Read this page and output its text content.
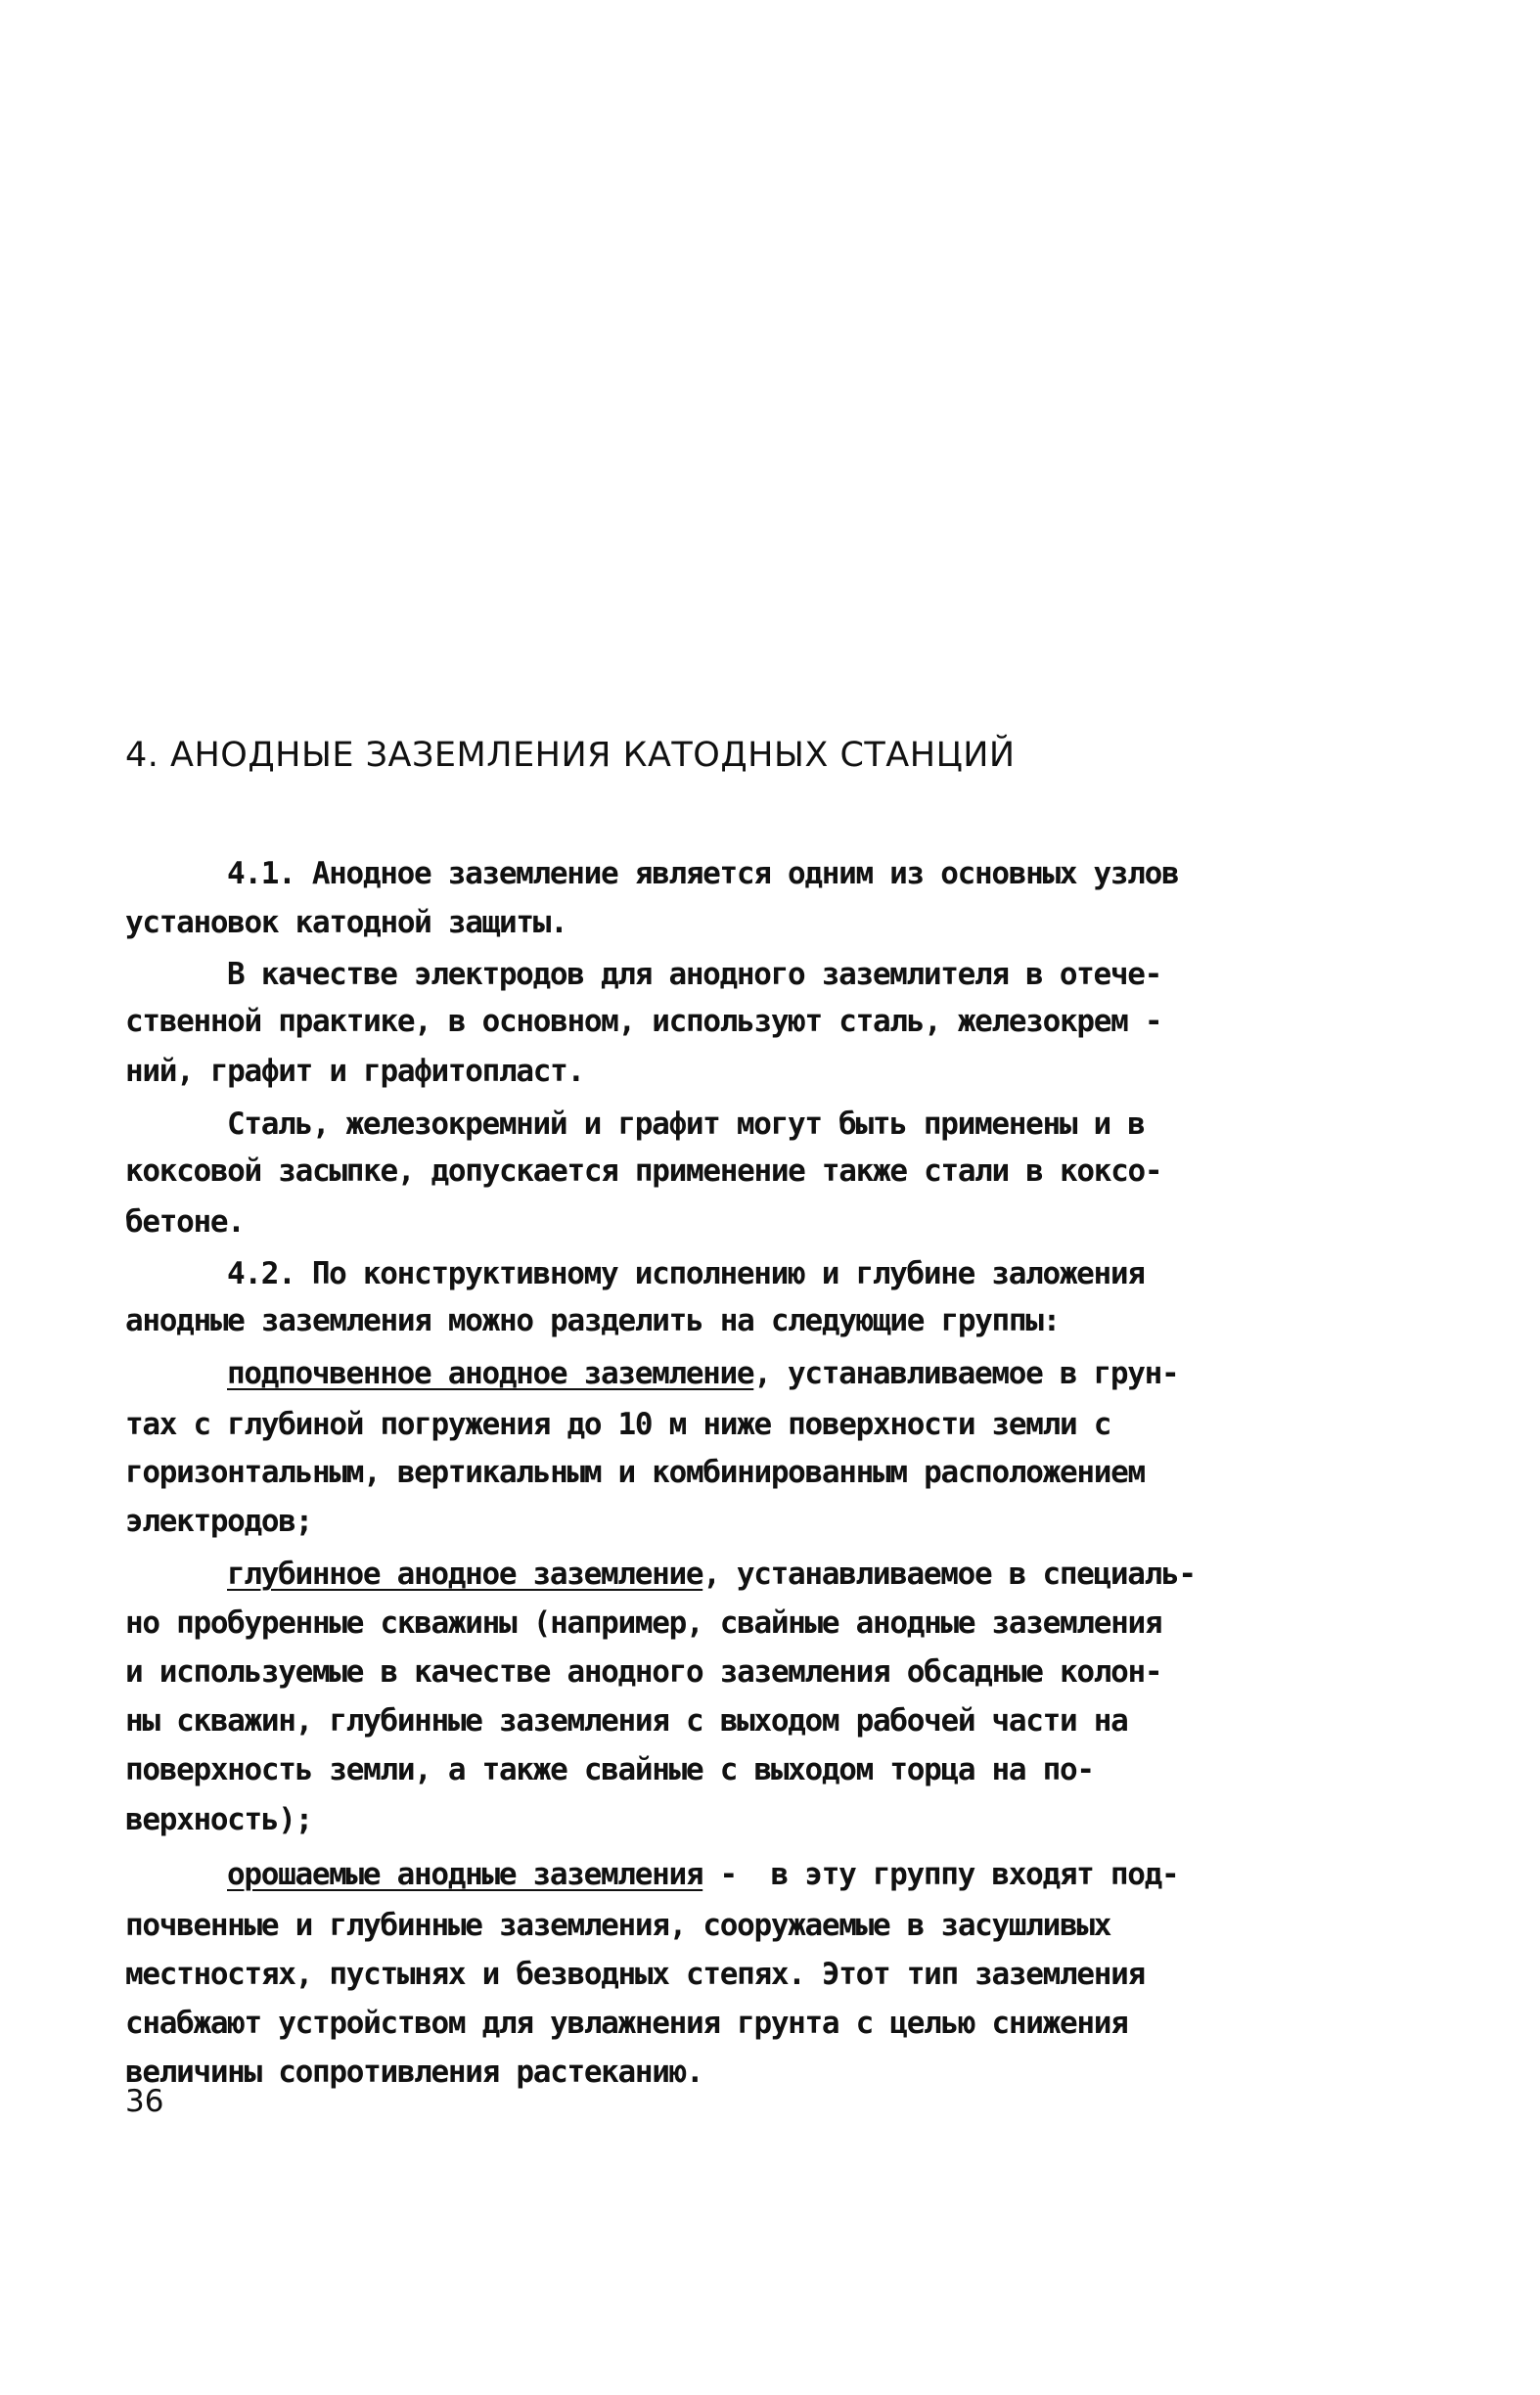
4. АНОДНЫЕ ЗАЗЕМЛЕНИЯ КАТОДНЫХ СТАНЦИЙ
4.1. Анодное заземление является одним из основных узлов
установок катодной защиты.
В качестве электродов для анодного заземлителя в отече-
ственной практике, в основном, используют сталь, железокрем -
ний, графит и графитопласт.
Сталь, железокремний и графит могут быть применены и в
коксовой засыпке, допускается применение также стали в коксо-
бетоне.
4.2. По конструктивному исполнению и глубине заложения
анодные заземления можно разделить на следующие группы:
подпочвенное анодное заземление, устанавливаемое в грун-
тах с глубиной погружения до 10 м ниже поверхности земли с
горизонтальным, вертикальным и комбинированным расположением
электродов;
глубинное анодное заземление, устанавливаемое в специаль-
но пробуренные скважины (например, свайные анодные заземления
и используемые в качестве анодного заземления обсадные колон-
ны скважин, глубинные заземления с выходом рабочей части на
поверхность земли, а также свайные с выходом торца на по-
верхность);
орошаемые анодные заземления -  в эту группу входят под-
почвенные и глубинные заземления, сооружаемые в засушливых
местностях, пустынях и безводных степях. Этот тип заземления
снабжают устройством для увлажнения грунта с целью снижения
величины сопротивления растеканию.
36
